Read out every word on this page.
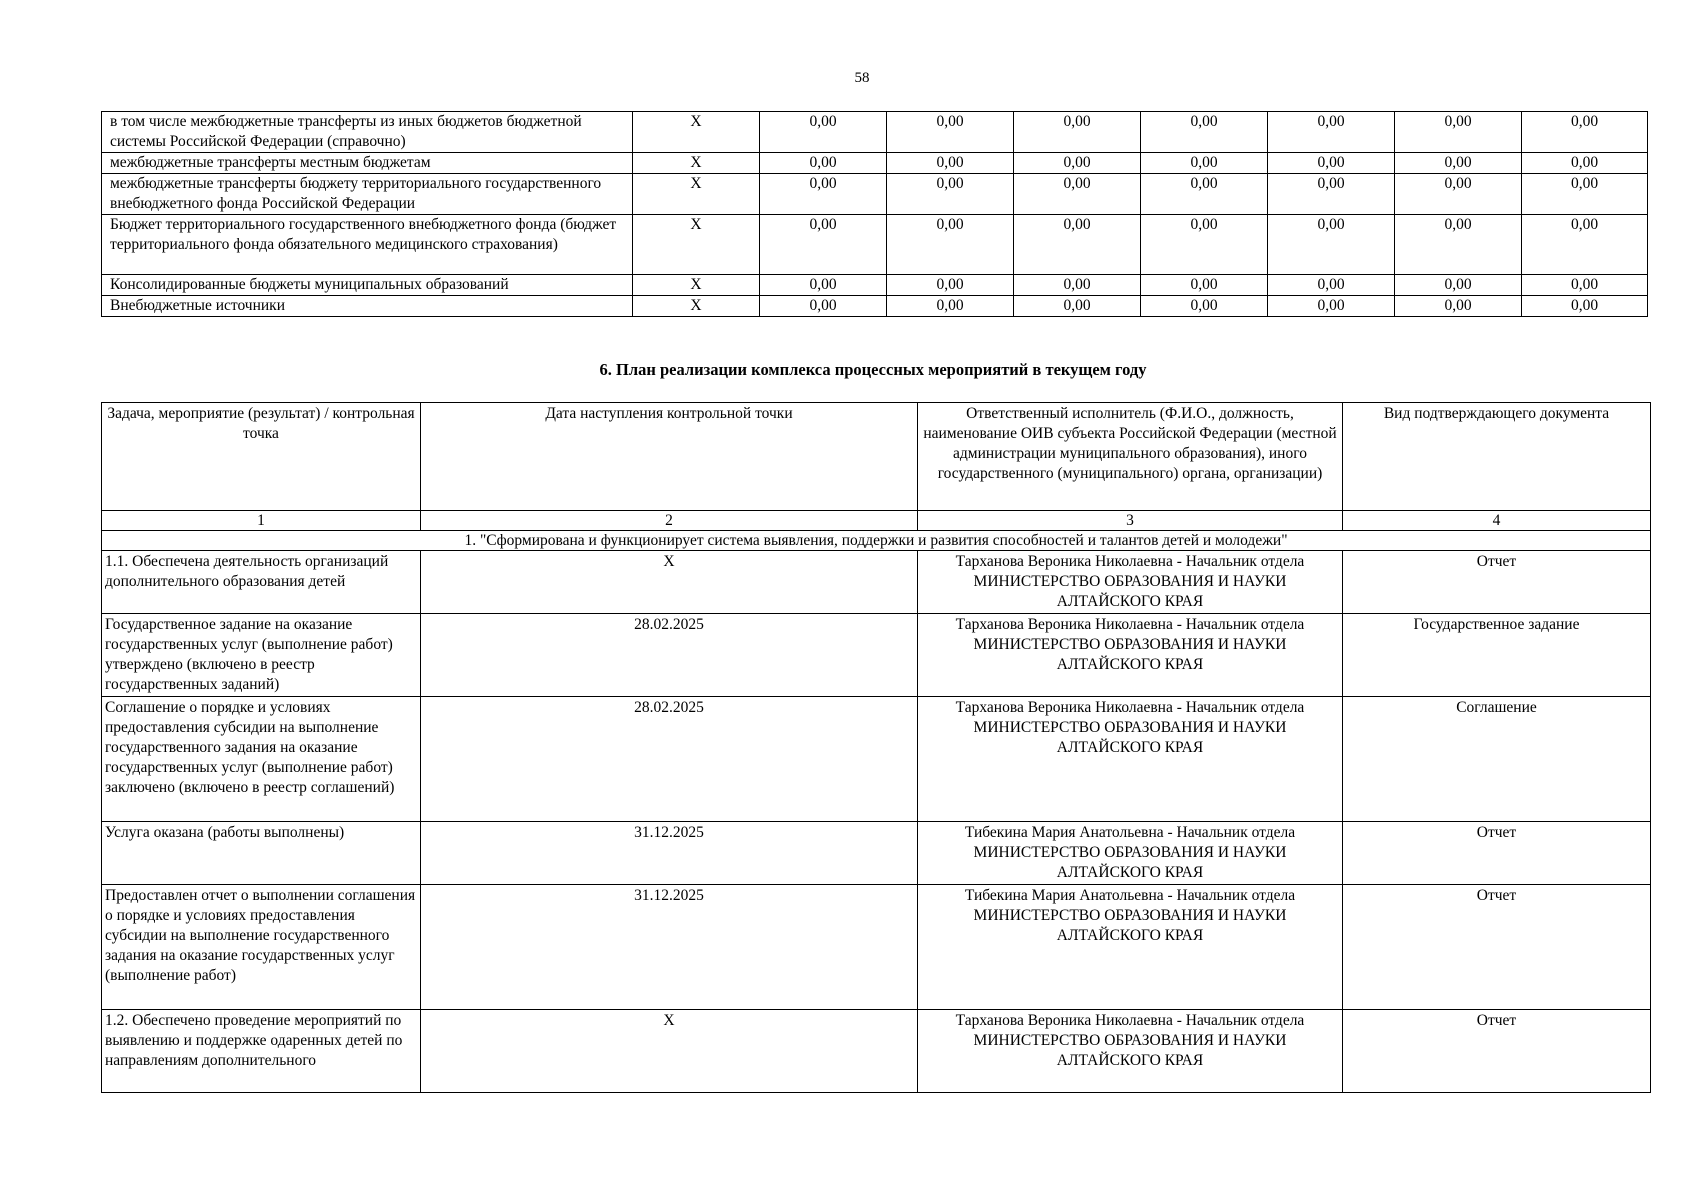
58
в том числе межбюджетные трансферты из иных бюджетов бюджетной системы Российской Федерации (справочно)	X	0,00	0,00	0,00	0,00	0,00	0,00	0,00
межбюджетные трансферты местным бюджетам	X	0,00	0,00	0,00	0,00	0,00	0,00	0,00
межбюджетные трансферты бюджету территориального государственного внебюджетного фонда Российской Федерации	X	0,00	0,00	0,00	0,00	0,00	0,00	0,00
Бюджет территориального государственного внебюджетного фонда (бюджет территориального фонда обязательного медицинского страхования)	X	0,00	0,00	0,00	0,00	0,00	0,00	0,00
Консолидированные бюджеты муниципальных образований	X	0,00	0,00	0,00	0,00	0,00	0,00	0,00
Внебюджетные источники	X	0,00	0,00	0,00	0,00	0,00	0,00	0,00
6. План реализации комплекса процессных мероприятий в текущем году
Задача, мероприятие (результат) / контрольная точка	Дата наступления контрольной точки	Ответственный исполнитель (Ф.И.О., должность, наименование ОИВ субъекта Российской Федерации (местной администрации муниципального образования), иного государственного (муниципального) органа, организации)	Вид подтверждающего документа
1	2	3	4
1. "Сформирована и функционирует система выявления, поддержки и развития способностей и талантов детей и молодежи"			
1.1. Обеспечена деятельность организаций дополнительного образования детей	X	Тарханова Вероника Николаевна - Начальник отдела МИНИСТЕРСТВО ОБРАЗОВАНИЯ И НАУКИ АЛТАЙСКОГО КРАЯ	Отчет
Государственное задание на оказание государственных услуг (выполнение работ) утверждено (включено в реестр государственных заданий)	28.02.2025	Тарханова Вероника Николаевна - Начальник отдела МИНИСТЕРСТВО ОБРАЗОВАНИЯ И НАУКИ АЛТАЙСКОГО КРАЯ	Государственное задание
Соглашение о порядке и условиях предоставления субсидии на выполнение государственного задания на оказание государственных услуг (выполнение работ) заключено (включено в реестр соглашений)	28.02.2025	Тарханова Вероника Николаевна - Начальник отдела МИНИСТЕРСТВО ОБРАЗОВАНИЯ И НАУКИ АЛТАЙСКОГО КРАЯ	Соглашение
Услуга оказана (работы выполнены)	31.12.2025	Тибекина Мария Анатольевна - Начальник отдела МИНИСТЕРСТВО ОБРАЗОВАНИЯ И НАУКИ АЛТАЙСКОГО КРАЯ	Отчет
Предоставлен отчет о выполнении соглашения о порядке и условиях предоставления субсидии на выполнение государственного задания на оказание государственных услуг (выполнение работ)	31.12.2025	Тибекина Мария Анатольевна - Начальник отдела МИНИСТЕРСТВО ОБРАЗОВАНИЯ И НАУКИ АЛТАЙСКОГО КРАЯ	Отчет
1.2. Обеспечено проведение мероприятий по выявлению и поддержке одаренных детей по направлениям дополнительного	X	Тарханова Вероника Николаевна - Начальник отдела МИНИСТЕРСТВО ОБРАЗОВАНИЯ И НАУКИ АЛТАЙСКОГО КРАЯ	Отчет
